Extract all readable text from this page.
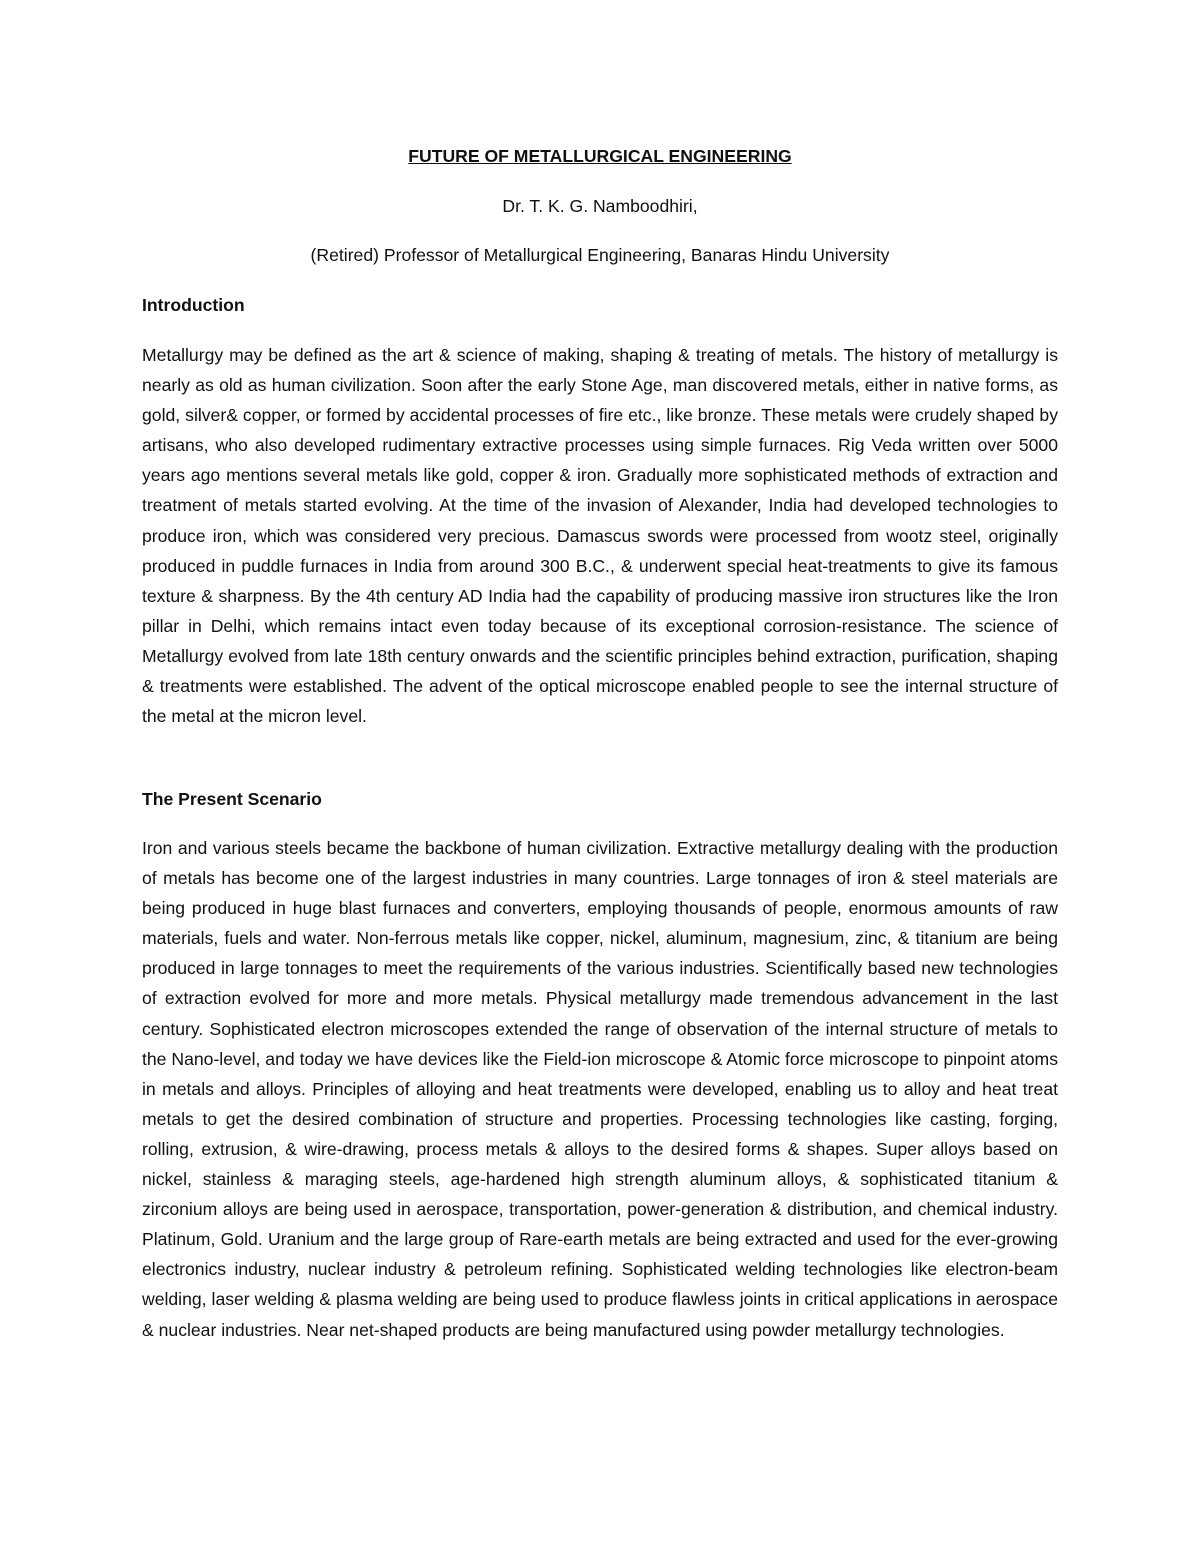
FUTURE OF METALLURGICAL ENGINEERING

Dr. T. K. G. Namboodhiri,

(Retired) Professor of Metallurgical Engineering, Banaras Hindu University

Introduction

Metallurgy may be defined as the art & science of making, shaping & treating of metals. The history of metallurgy is nearly as old as human civilization. Soon after the early Stone Age, man discovered metals, either in native forms, as gold, silver& copper, or formed by accidental processes of fire etc., like bronze. These metals were crudely shaped by artisans, who also developed rudimentary extractive processes using simple furnaces. Rig Veda written over 5000 years ago mentions several metals like gold, copper & iron. Gradually more sophisticated methods of extraction and treatment of metals started evolving. At the time of the invasion of Alexander, India had developed technologies to produce iron, which was considered very precious. Damascus swords were processed from wootz steel, originally produced in puddle furnaces in India from around 300 B.C., & underwent special heat-treatments to give its famous texture & sharpness. By the 4th century AD India had the capability of producing massive iron structures like the Iron pillar in Delhi, which remains intact even today because of its exceptional corrosion-resistance. The science of Metallurgy evolved from late 18th century onwards and the scientific principles behind extraction, purification, shaping & treatments were established. The advent of the optical microscope enabled people to see the internal structure of the metal at the micron level.

The Present Scenario

Iron and various steels became the backbone of human civilization. Extractive metallurgy dealing with the production of metals has become one of the largest industries in many countries. Large tonnages of iron & steel materials are being produced in huge blast furnaces and converters, employing thousands of people, enormous amounts of raw materials, fuels and water. Non-ferrous metals like copper, nickel, aluminum, magnesium, zinc, & titanium are being produced in large tonnages to meet the requirements of the various industries. Scientifically based new technologies of extraction evolved for more and more metals. Physical metallurgy made tremendous advancement in the last century. Sophisticated electron microscopes extended the range of observation of the internal structure of metals to the Nano-level, and today we have devices like the Field-ion microscope & Atomic force microscope to pinpoint atoms in metals and alloys. Principles of alloying and heat treatments were developed, enabling us to alloy and heat treat metals to get the desired combination of structure and properties. Processing technologies like casting, forging, rolling, extrusion, & wire-drawing, process metals & alloys to the desired forms & shapes. Super alloys based on nickel, stainless & maraging steels, age-hardened high strength aluminum alloys, & sophisticated titanium & zirconium alloys are being used in aerospace, transportation, power-generation & distribution, and chemical industry. Platinum, Gold. Uranium and the large group of Rare-earth metals are being extracted and used for the ever-growing electronics industry, nuclear industry & petroleum refining. Sophisticated welding technologies like electron-beam welding, laser welding & plasma welding are being used to produce flawless joints in critical applications in aerospace & nuclear industries. Near net-shaped products are being manufactured using powder metallurgy technologies.
